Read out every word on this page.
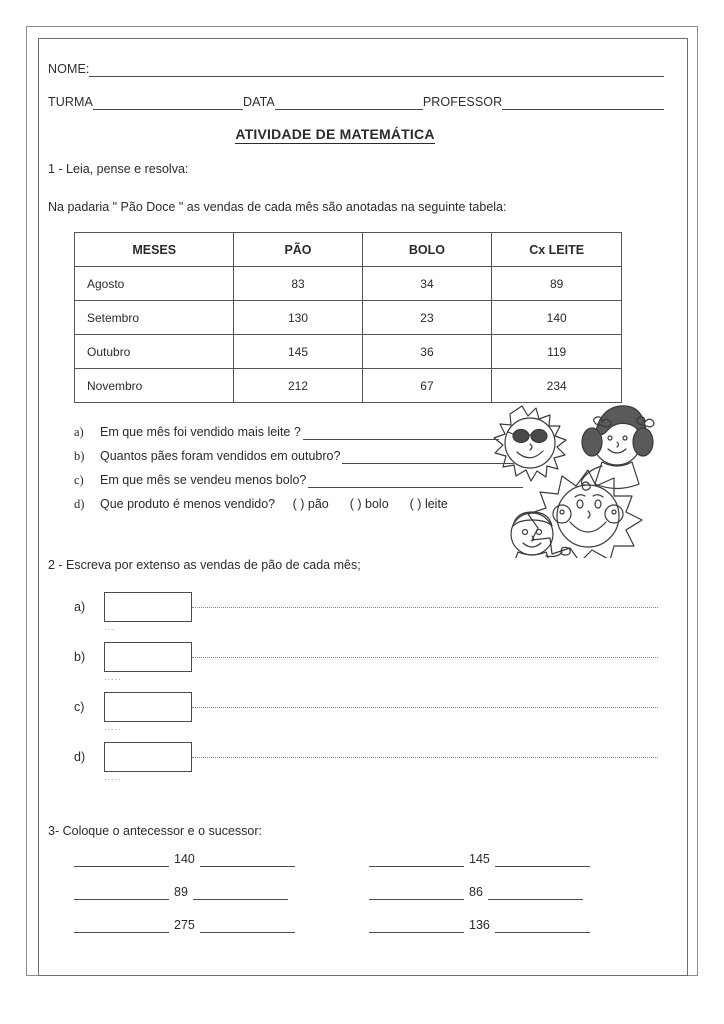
NOME:
TURMA	DATA	PROFESSOR
ATIVIDADE DE MATEMÁTICA
1 - Leia, pense e resolva:
Na padaria " Pão Doce " as vendas de cada mês são anotadas na seguinte tabela:
MESES	PÃO	BOLO	Cx LEITE
Agosto	83	34	89
Setembro	130	23	140
Outubro	145	36	119
Novembro	212	67	234
a)	Em que mês foi vendido mais leite ?
b)	Quantos pães foram vendidos em outubro?
c)	Em que mês se vendeu menos bolo?
d)	Que produto é menos vendido?	( ) pão ( ) bolo ( ) leite
2 - Escreva por extenso as vendas de pão de cada mês;
a)
...
b)
.....
c)
.....
d)
.....
3- Coloque o antecessor e o sucessor:
140	145
89	86
275	136
